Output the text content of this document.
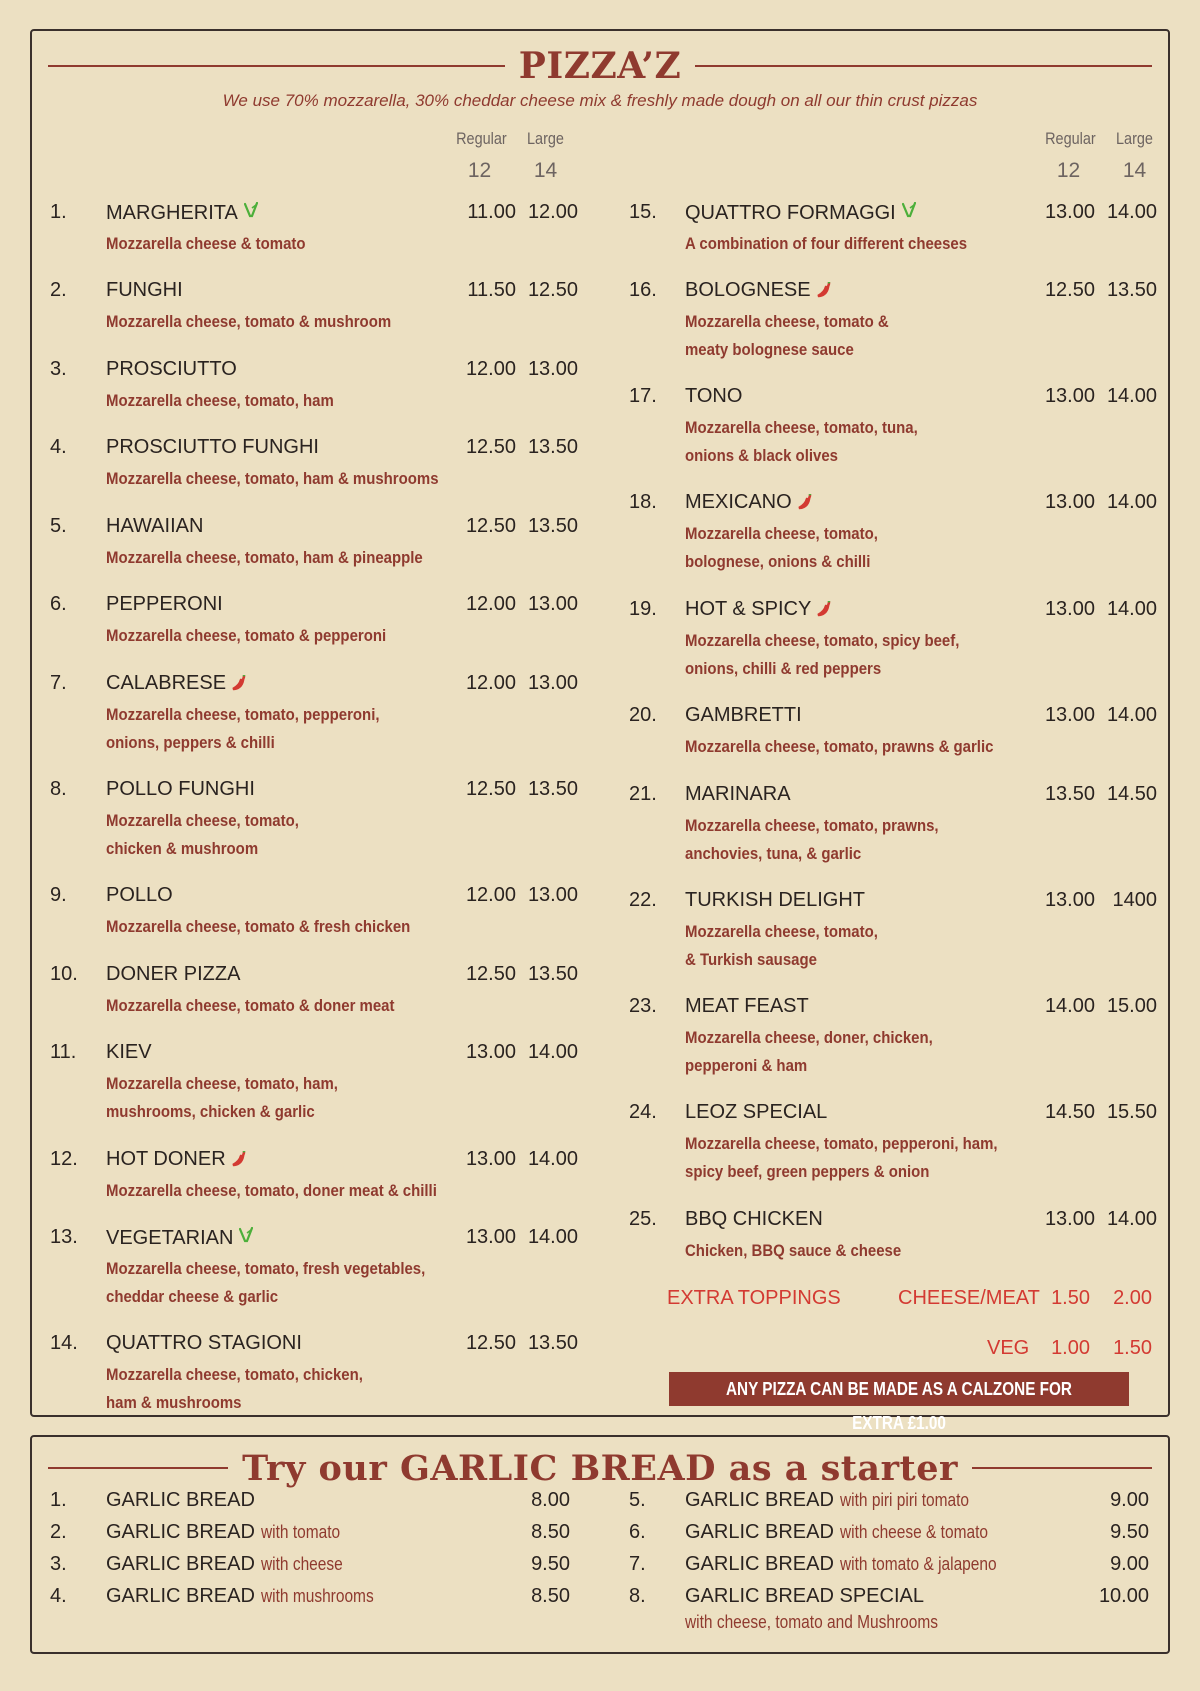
PIZZA’Z
We use 70% mozzarella, 30% cheddar cheese mix & freshly made dough on all our thin crust pizzas
Regular Large
12	14
Regular Large
12	14
1. MARGHERITA	11.00 12.00
Mozzarella cheese & tomato
2. FUNGHI	11.50 12.50
Mozzarella cheese, tomato & mushroom
3. PROSCIUTTO	12.00 13.00
Mozzarella cheese, tomato, ham
4. PROSCIUTTO FUNGHI	12.50 13.50
Mozzarella cheese, tomato, ham & mushrooms
5. HAWAIIAN	12.50 13.50
Mozzarella cheese, tomato, ham & pineapple
6. PEPPERONI	12.00 13.00
Mozzarella cheese, tomato & pepperoni
7. CALABRESE	12.00 13.00
Mozzarella cheese, tomato, pepperoni,
onions, peppers & chilli
8. POLLO FUNGHI	12.50 13.50
Mozzarella cheese, tomato,
chicken & mushroom
9. POLLO	12.00 13.00
Mozzarella cheese, tomato & fresh chicken
10. DONER PIZZA	12.50 13.50
Mozzarella cheese, tomato & doner meat
11. KIEV	13.00 14.00
Mozzarella cheese, tomato, ham,
mushrooms, chicken & garlic
12. HOT DONER	13.00 14.00
Mozzarella cheese, tomato, doner meat & chilli
13. VEGETARIAN	13.00 14.00
Mozzarella cheese, tomato, fresh vegetables,
cheddar cheese & garlic
14. QUATTRO STAGIONI	12.50 13.50
Mozzarella cheese, tomato, chicken,
ham & mushrooms
15. QUATTRO FORMAGGI	13.00 14.00
A combination of four different cheeses
16. BOLOGNESE	12.50 13.50
Mozzarella cheese, tomato &
meaty bolognese sauce
17. TONO	13.00 14.00
Mozzarella cheese, tomato, tuna,
onions & black olives
18. MEXICANO	13.00 14.00
Mozzarella cheese, tomato,
bolognese, onions & chilli
19. HOT & SPICY	13.00 14.00
Mozzarella cheese, tomato, spicy beef,
onions, chilli & red peppers
20. GAMBRETTI	13.00 14.00
Mozzarella cheese, tomato, prawns & garlic
21. MARINARA	13.50 14.50
Mozzarella cheese, tomato, prawns,
anchovies, tuna, & garlic
22. TURKISH DELIGHT	13.00 1400
Mozzarella cheese, tomato,
& Turkish sausage
23. MEAT FEAST	14.00 15.00
Mozzarella cheese, doner, chicken,
pepperoni & ham
24. LEOZ SPECIAL	14.50 15.50
Mozzarella cheese, tomato, pepperoni, ham,
spicy beef, green peppers & onion
25. BBQ CHICKEN	13.00 14.00
Chicken, BBQ sauce & cheese
EXTRA TOPPINGS	CHEESE/MEAT 1.50	2.00
VEG	1.00	1.50
ANY PIZZA CAN BE MADE AS A CALZONE FOR EXTRA £1.00
Try our GARLIC BREAD as a starter
1. GARLIC BREAD	8.00
2. GARLIC BREAD with tomato	8.50
3. GARLIC BREAD with cheese	9.50
4. GARLIC BREAD with mushrooms	8.50
5. GARLIC BREAD with piri piri tomato	9.00
6. GARLIC BREAD with cheese & tomato	9.50
7. GARLIC BREAD with tomato & jalapeno	9.00
8. GARLIC BREAD SPECIAL	10.00
with cheese, tomato and Mushrooms
